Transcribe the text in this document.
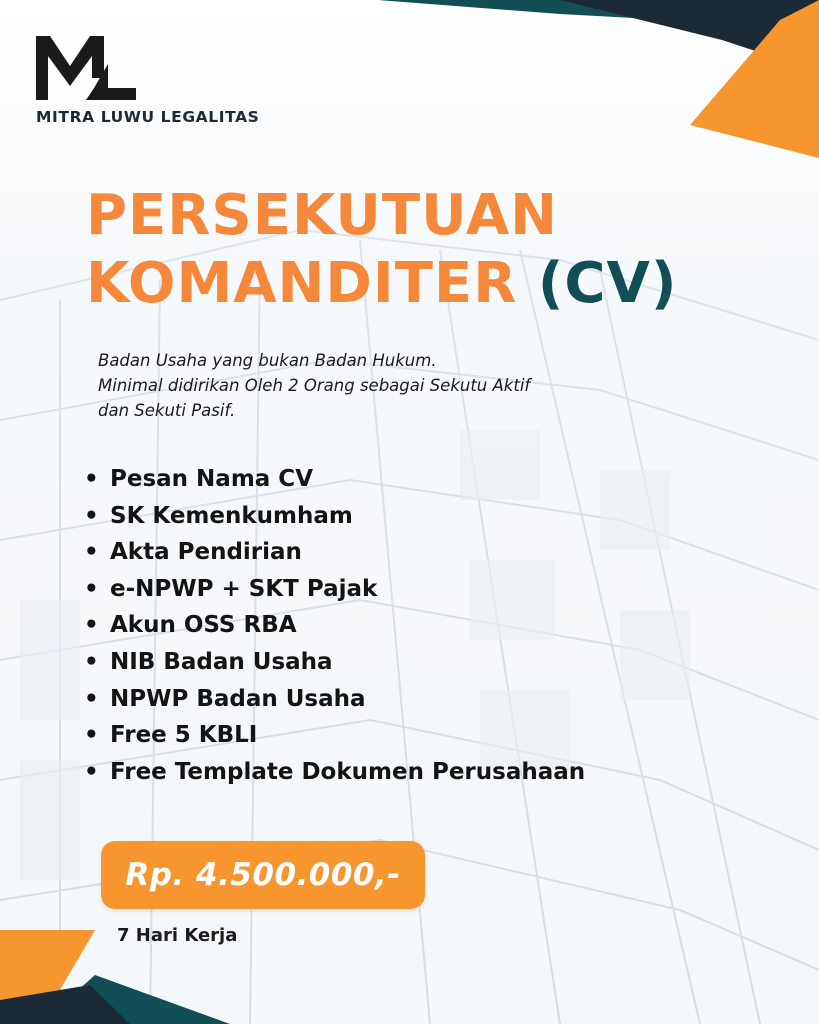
MITRA LUWU LEGALITAS
PERSEKUTUAN
KOMANDITER (CV)

Badan Usaha yang bukan Badan Hukum.
Minimal didirikan Oleh 2 Orang sebagai Sekutu Aktif
dan Sekuti Pasif.

• Pesan Nama CV
• SK Kemenkumham
• Akta Pendirian
• e-NPWP + SKT Pajak
• Akun OSS RBA
• NIB Badan Usaha
• NPWP Badan Usaha
• Free 5 KBLI
• Free Template Dokumen Perusahaan
Rp. 4.500.000,-
7 Hari Kerja
